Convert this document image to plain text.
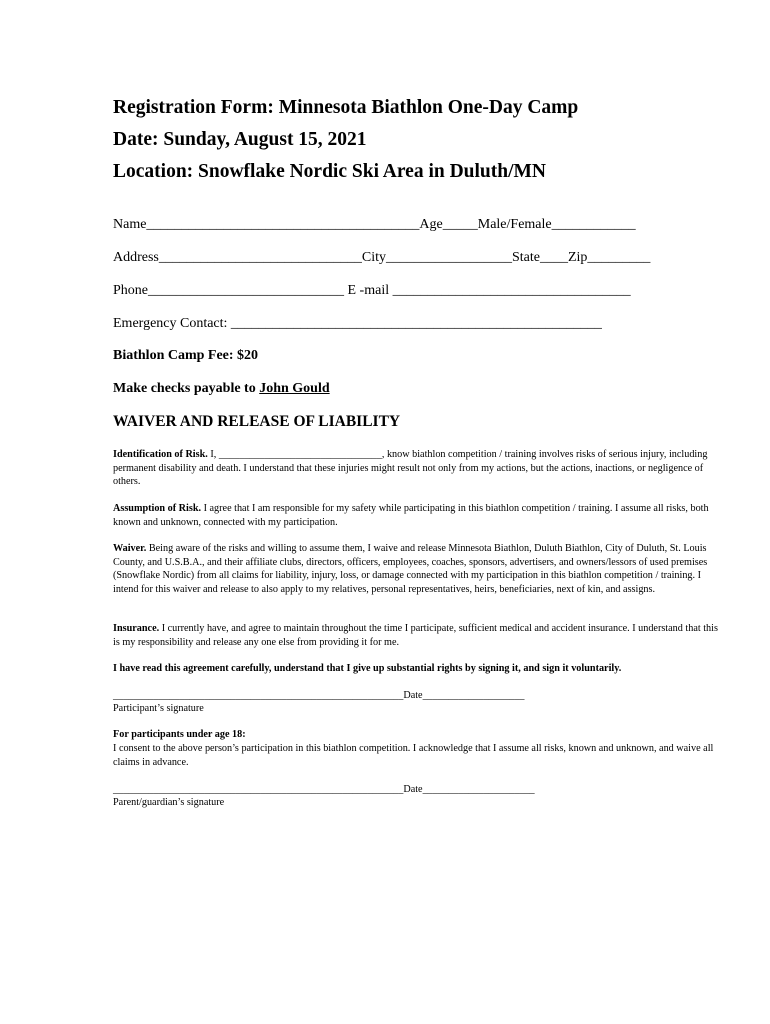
Registration Form: Minnesota Biathlon One-Day Camp

Date: Sunday, August 15, 2021

Location: Snowflake Nordic Ski Area in Duluth/MN

Name_______________________________________Age_____Male/Female____________
Address_____________________________City__________________State____Zip_________
Phone____________________________ E -mail __________________________________
Emergency Contact: _____________________________________________________
Biathlon Camp Fee: $20
Make checks payable to John Gould
WAIVER AND RELEASE OF LIABILITY
Identification of Risk. I, ________________________________, know biathlon competition / training involves risks of serious injury, including permanent disability and death. I understand that these injuries might result not only from my actions, but the actions, inactions, or negligence of others.
Assumption of Risk. I agree that I am responsible for my safety while participating in this biathlon competition / training. I assume all risks, both known and unknown, connected with my participation.
Waiver. Being aware of the risks and willing to assume them, I waive and release Minnesota Biathlon, Duluth Biathlon, City of Duluth, St. Louis County, and U.S.B.A., and their affiliate clubs, directors, officers, employees, coaches, sponsors, advertisers, and owners/lessors of used premises (Snowflake Nordic) from all claims for liability, injury, loss, or damage connected with my participation in this biathlon competition / training. I intend for this waiver and release to also apply to my relatives, personal representatives, heirs, beneficiaries, next of kin, and assigns.
Insurance. I currently have, and agree to maintain throughout the time I participate, sufficient medical and accident insurance. I understand that this is my responsibility and release any one else from providing it for me.
I have read this agreement carefully, understand that I give up substantial rights by signing it, and sign it voluntarily.
_________________________________________________________Date____________________
Participant’s signature
For participants under age 18:
I consent to the above person’s participation in this biathlon competition. I acknowledge that I assume all risks, known and unknown, and waive all claims in advance.
_________________________________________________________Date______________________
Parent/guardian’s signature
